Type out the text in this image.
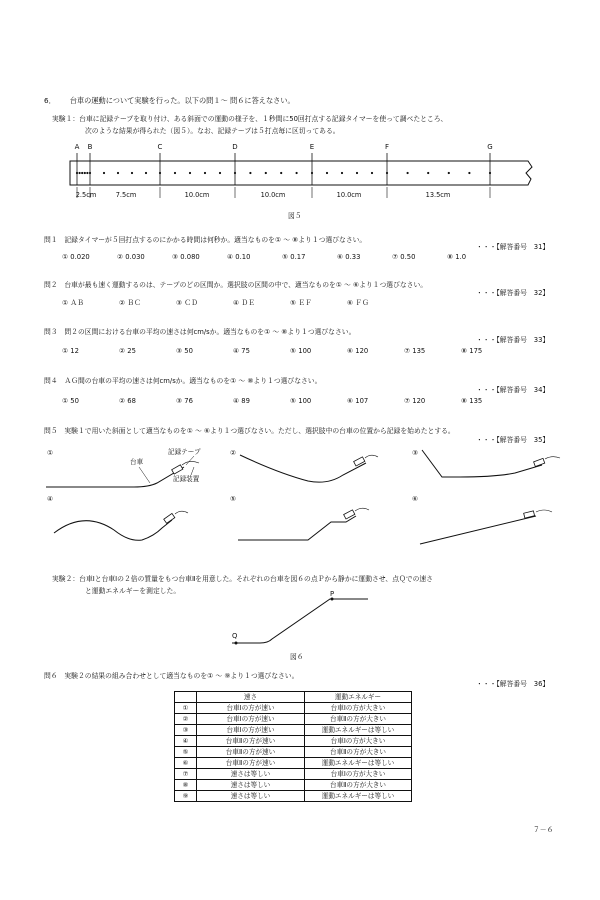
6． 台車の運動について実験を行った。以下の問１～ 問６に答えなさい。
実験１：台車に記録テープを取り付け、ある斜面での運動の様子を、１秒間に50回打点する記録タイマーを使って調べたところ、
次のような結果が得られた（図５）。なお、記録テープは５打点毎に区切ってある。
A B	C	D	E	F	G
2.5cm	7.5cm	10.0cm	10.0cm	10.0cm	13.5cm
図５
問１　記録タイマーが５回打点するのにかかる時間は何秒か。適当なものを① ～ ⑧より１つ選びなさい。
・・・【解答番号　31】
① 0.020	② 0.030	③ 0.080	④ 0.10	⑤ 0.17	⑥ 0.33	⑦ 0.50	⑧ 1.0
問２　台車が最も速く運動するのは、テープのどの区間か。選択肢の区間の中で、適当なものを① ～ ⑥より１つ選びなさい。
・・・【解答番号　32】
① ＡＢ	② ＢＣ	③ ＣＤ	④ ＤＥ	⑤ ＥＦ	⑥ ＦＧ
問３　問２の区間における台車の平均の速さは何cm/sか。適当なものを① ～ ⑧より１つ選びなさい。
・・・【解答番号　33】
① 12	② 25	③ 50	④ 75	⑤ 100	⑥ 120	⑦ 135	⑧ 175
問４　ＡＧ間の台車の平均の速さは何cm/sか。適当なものを① ～ ⑧より１つ選びなさい。
・・・【解答番号　34】
① 50	② 68	③ 76	④ 89	⑤ 100	⑥ 107	⑦ 120	⑧ 135
問５　実験１で用いた斜面として適当なものを① ～ ⑥より１つ選びなさい。ただし、選択肢中の台車の位置から記録を始めたとする。
・・・【解答番号　35】
①
台車
記録テープ
記録装置
②	③
④	⑤	⑥
実験２：台車Ⅰと台車Ⅰの２倍の質量をもつ台車Ⅱを用意した。それぞれの台車を図６の点Ｐから静かに運動させ、点Ｑでの速さ
と運動エネルギーを測定した。	P
Q
図６
問６　実験２の結果の組み合わせとして適当なものを① ～ ⑨より１つ選びなさい。
・・・【解答番号　36】
	速さ	運動エネルギー
①	台車Ⅰの方が速い	台車Ⅰの方が大きい
②	台車Ⅰの方が速い	台車Ⅱの方が大きい
③	台車Ⅰの方が速い	運動エネルギーは等しい
④	台車Ⅱの方が速い	台車Ⅰの方が大きい
⑤	台車Ⅱの方が速い	台車Ⅱの方が大きい
⑥	台車Ⅱの方が速い	運動エネルギーは等しい
⑦	速さは等しい	台車Ⅰの方が大きい
⑧	速さは等しい	台車Ⅱの方が大きい
⑨	速さは等しい	運動エネルギーは等しい
７－６
